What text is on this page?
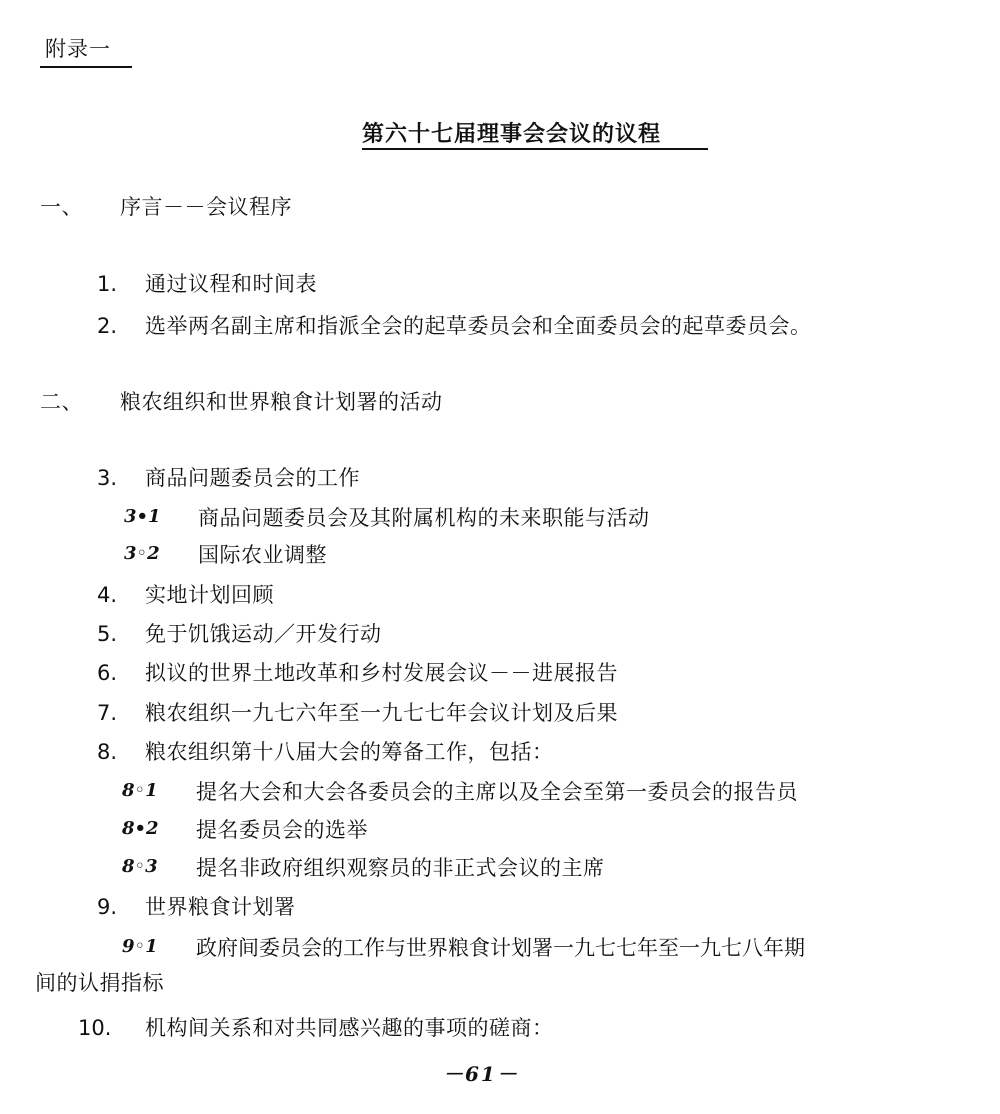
附录一
第六十七届理事会会议的议程
一、 序言－－会议程序
1. 通过议程和时间表
2. 选举两名副主席和指派全会的起草委员会和全面委员会的起草委员会。
二、 粮农组织和世界粮食计划署的活动
3. 商品问题委员会的工作
3•1 商品问题委员会及其附属机构的未来职能与活动
3◦2 国际农业调整
4. 实地计划回顾
5. 免于饥饿运动／开发行动
6. 拟议的世界土地改革和乡村发展会议－－进展报告
7. 粮农组织一九七六年至一九七七年会议计划及后果
8. 粮农组织第十八届大会的筹备工作，包括：
8◦1 提名大会和大会各委员会的主席以及全会至第一委员会的报告员
8•2 提名委员会的选举
8◦3 提名非政府组织观察员的非正式会议的主席
9. 世界粮食计划署
9◦1 政府间委员会的工作与世界粮食计划署一九七七年至一九七八年期
间的认捐指标
10. 机构间关系和对共同感兴趣的事项的磋商：
－61－
